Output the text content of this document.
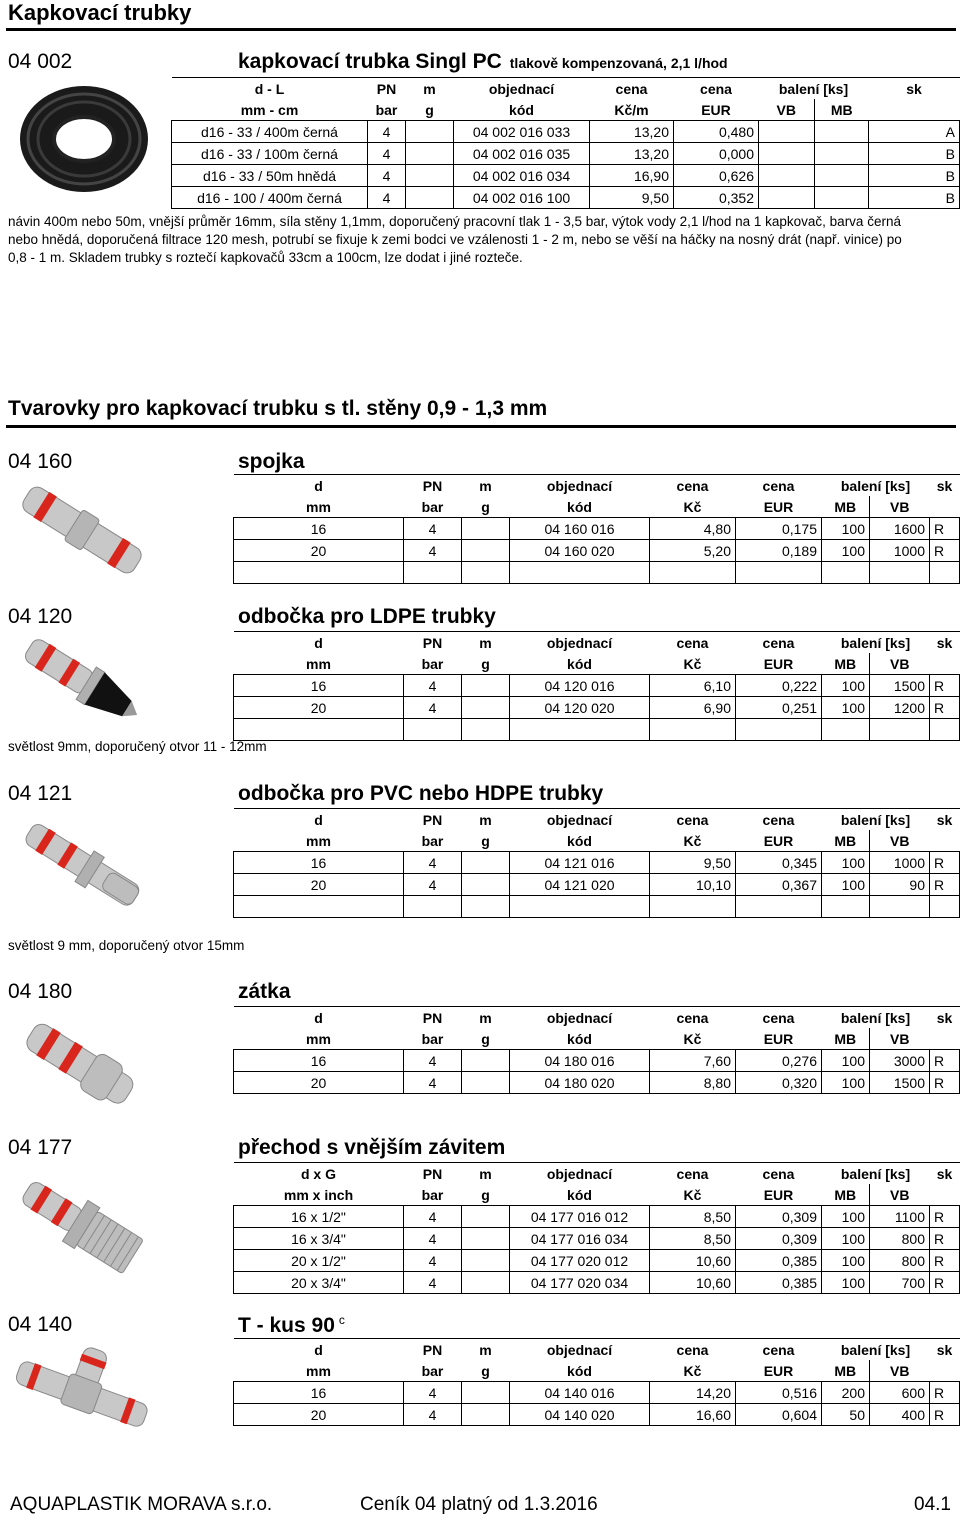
Kapkovací trubky
04 002	kapkovací trubka Singl PC tlakově kompenzovaná, 2,1 l/hod
d - L	PN	m	objednací	cena	cena	balení [ks]		sk
mm - cm	bar	g	kód	Kč/m	EUR	VB	MB	
d16 - 33 / 400m černá	4		04 002 016 033	13,20	0,480			A
d16 - 33 / 100m černá	4		04 002 016 035	13,20	0,000			B
d16 - 33 / 50m hnědá	4		04 002 016 034	16,90	0,626			B
d16 - 100 / 400m černá	4		04 002 016 100	9,50	0,352			B
návin 400m nebo 50m, vnější průměr 16mm, síla stěny 1,1mm, doporučený pracovní tlak 1 - 3,5 bar, výtok vody 2,1 l/hod na 1 kapkovač, barva černá nebo hnědá, doporučená filtrace 120 mesh, potrubí se fixuje k zemi bodci ve vzálenosti 1 - 2 m, nebo se věší na háčky na nosný drát (např. vinice) po 0,8 - 1 m. Skladem trubky s roztečí kapkovačů 33cm a 100cm, lze dodat i jiné rozteče.
Tvarovky pro kapkovací trubku s tl. stěny 0,9 - 1,3 mm
04 160	spojka
d	PN	m	objednací	cena	cena	balení [ks]		sk
mm	bar	g	kód	Kč	EUR	MB	VB	
16	4		04 160 016	4,80	0,175	100	1600	R
20	4		04 160 020	5,20	0,189	100	1000	R

04 120	odbočka pro LDPE trubky
d	PN	m	objednací	cena	cena	balení [ks]		sk
mm	bar	g	kód	Kč	EUR	MB	VB	
16	4		04 120 016	6,10	0,222	100	1500	R
20	4		04 120 020	6,90	0,251	100	1200	R

světlost 9mm, doporučený otvor 11 - 12mm
04 121	odbočka pro PVC nebo HDPE trubky
d	PN	m	objednací	cena	cena	balení [ks]		sk
mm	bar	g	kód	Kč	EUR	MB	VB	
16	4		04 121 016	9,50	0,345	100	1000	R
20	4		04 121 020	10,10	0,367	100	90	R

světlost 9 mm, doporučený otvor 15mm
04 180	zátka
d	PN	m	objednací	cena	cena	balení [ks]		sk
mm	bar	g	kód	Kč	EUR	MB	VB	
16	4		04 180 016	7,60	0,276	100	3000	R
20	4		04 180 020	8,80	0,320	100	1500	R
04 177	přechod s vnějším závitem
d x G	PN	m	objednací	cena	cena	balení [ks]		sk
mm x inch	bar	g	kód	Kč	EUR	MB	VB	
16 x 1/2"	4		04 177 016 012	8,50	0,309	100	1100	R
16 x 3/4"	4		04 177 016 034	8,50	0,309	100	800	R
20 x 1/2"	4		04 177 020 012	10,60	0,385	100	800	R
20 x 3/4"	4		04 177 020 034	10,60	0,385	100	700	R
04 140	T - kus 90 $^c$
d	PN	m	objednací	cena	cena	balení [ks]		sk
mm	bar	g	kód	Kč	EUR	MB	VB	
16	4		04 140 016	14,20	0,516	200	600	R
20	4		04 140 020	16,60	0,604	50	400	R
AQUAPLASTIK MORAVA s.r.o.	Ceník 04 platný od 1.3.2016	04.1
